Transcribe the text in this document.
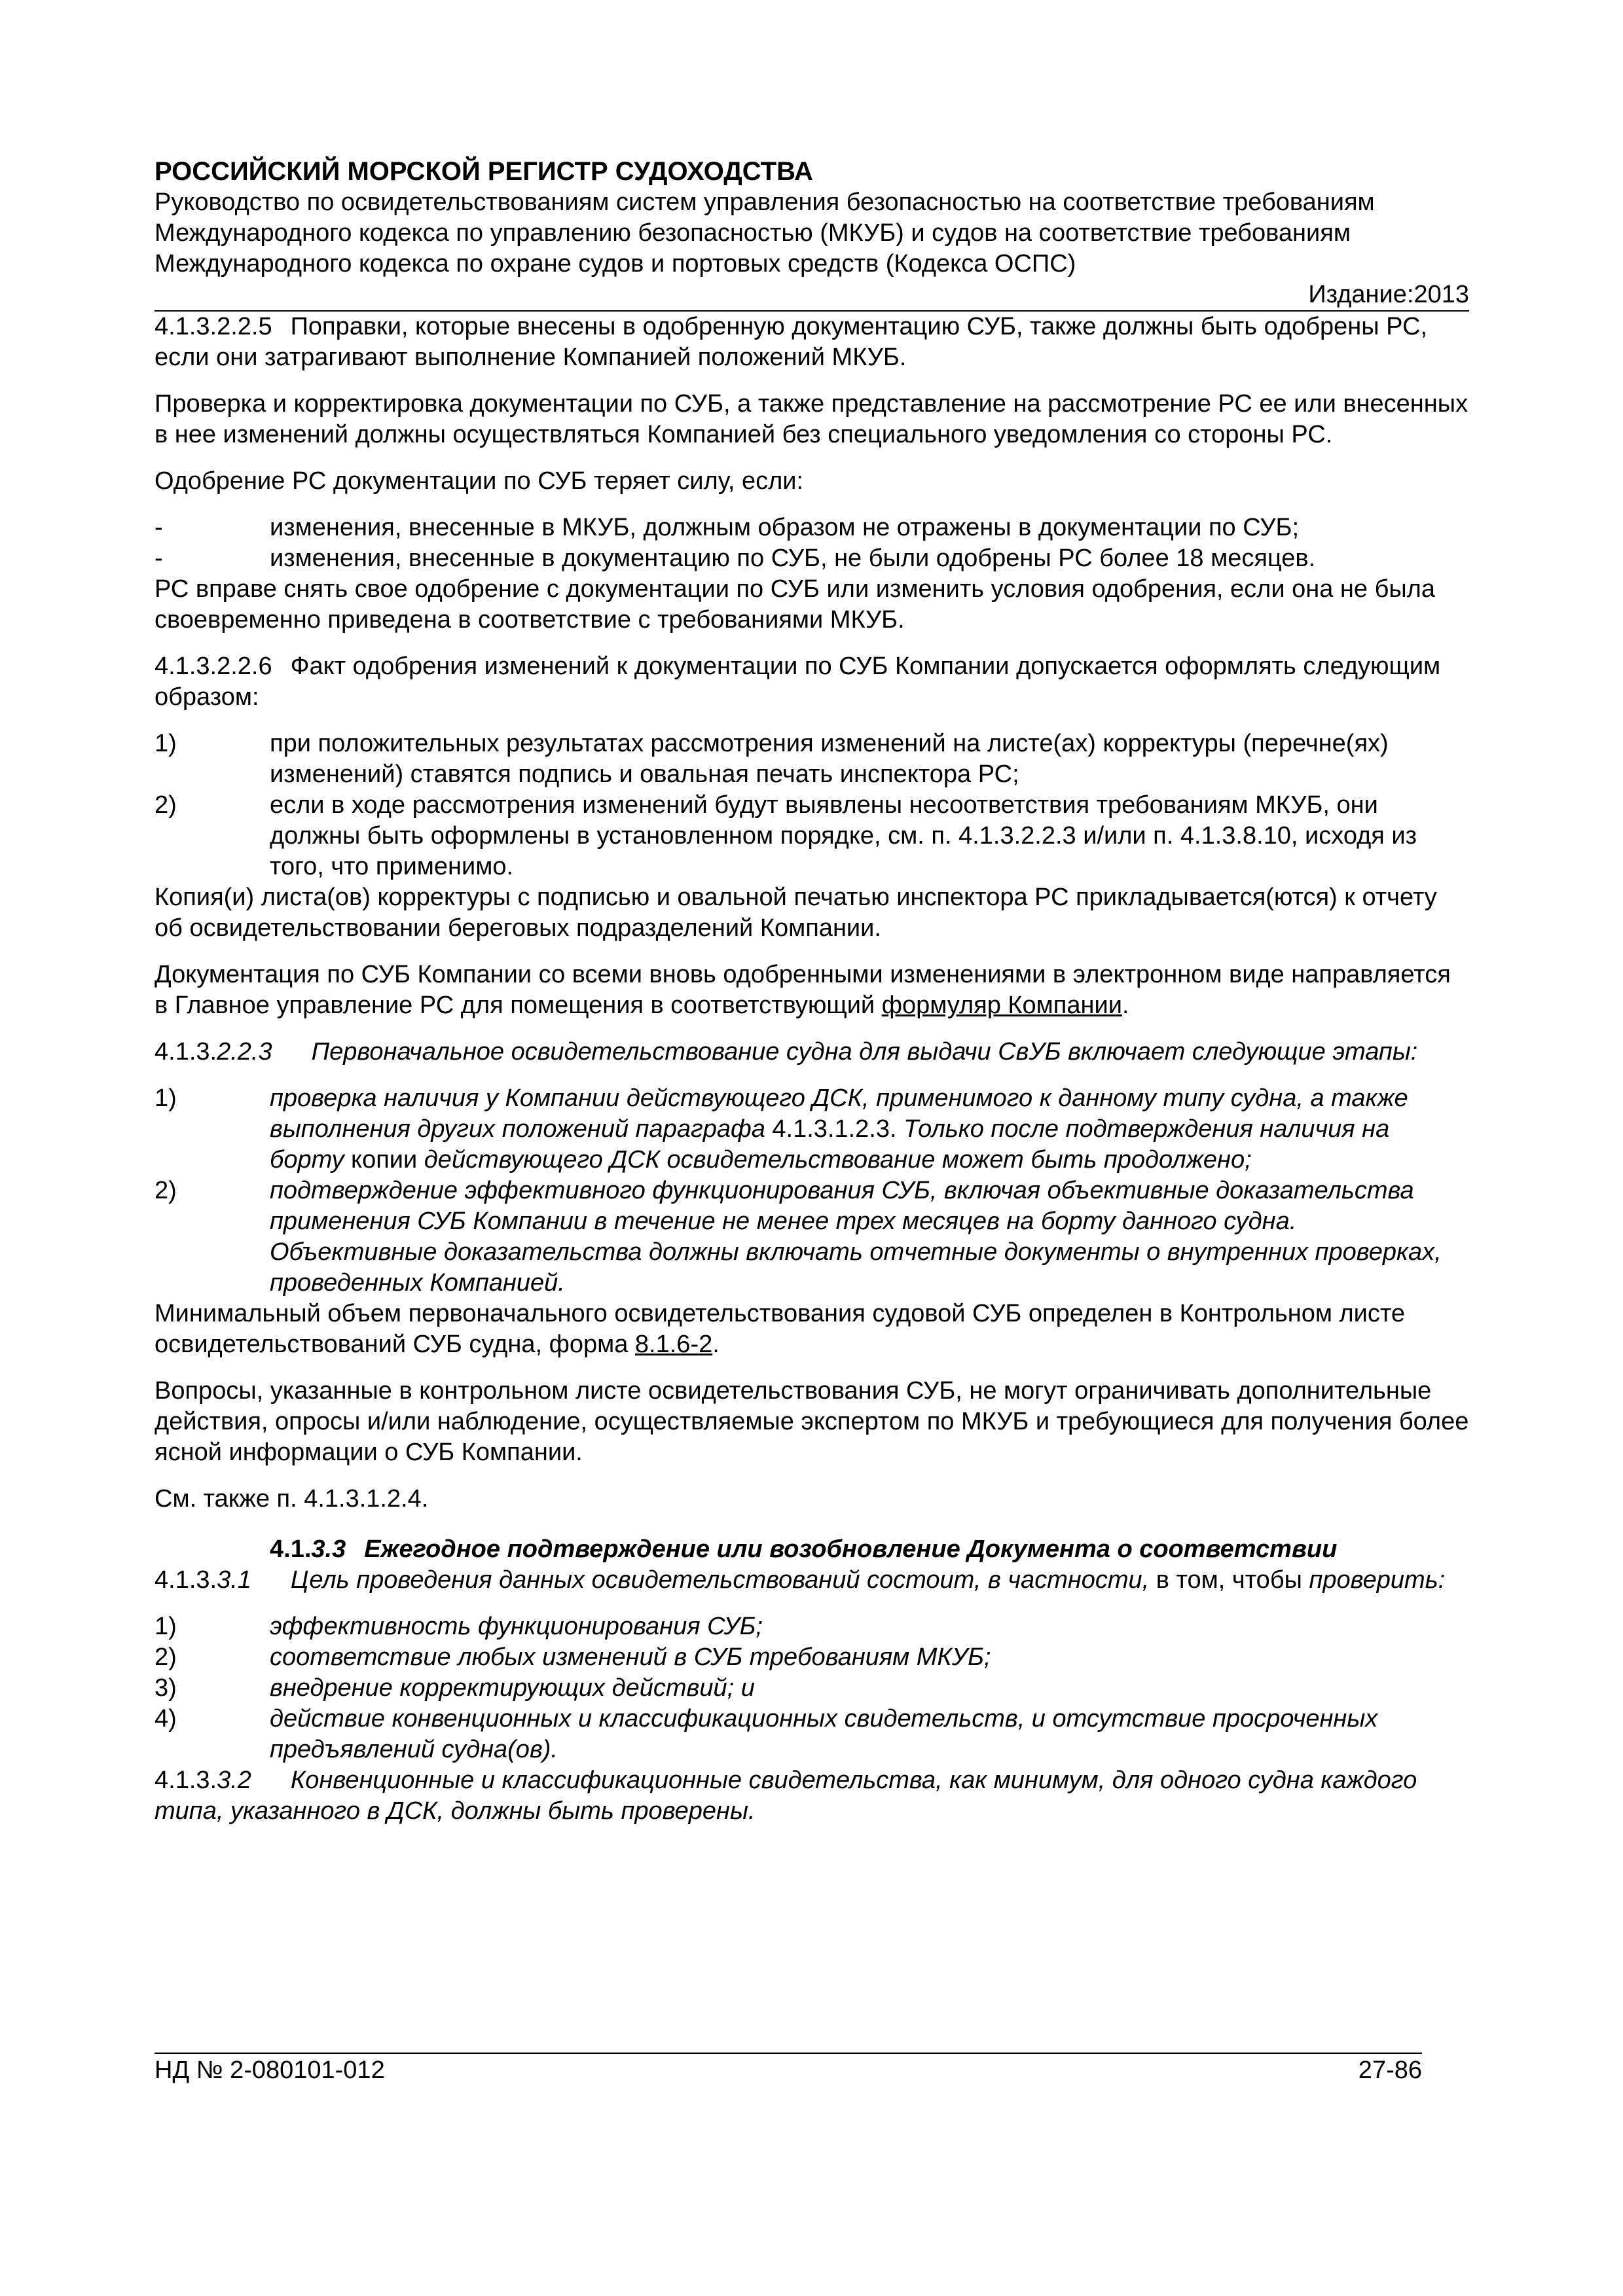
РОССИЙСКИЙ МОРСКОЙ РЕГИСТР СУДОХОДСТВА

Руководство по освидетельствованиям систем управления безопасностью на соответствие требованиям Международного кодекса по управлению безопасностью (МКУБ) и судов на соответствие требованиям Международного кодекса по охране судов и портовых средств (Кодекса ОСПС)

Издание:2013

4.1.3.2.2.5 Поправки, которые внесены в одобренную документацию СУБ, также должны быть одобрены РС, если они затрагивают выполнение Компанией положений МКУБ.

Проверка и корректировка документации по СУБ, а также представление на рассмотрение РС ее или внесенных в нее изменений должны осуществляться Компанией без специального уведомления со стороны РС.

Одобрение РС документации по СУБ теряет силу, если:

-	изменения, внесенные в МКУБ, должным образом не отражены в документации по СУБ;
-	изменения, внесенные в документацию по СУБ, не были одобрены РС более 18 месяцев.

РС вправе снять свое одобрение с документации по СУБ или изменить условия одобрения, если она не была своевременно приведена в соответствие с требованиями МКУБ.

4.1.3.2.2.6 Факт одобрения изменений к документации по СУБ Компании допускается оформлять следующим образом:

1)	при положительных результатах рассмотрения изменений на листе(ах) корректуры (перечне(ях) изменений) ставятся подпись и овальная печать инспектора РС;
2)	если в ходе рассмотрения изменений будут выявлены несоответствия требованиям МКУБ, они должны быть оформлены в установленном порядке, см. п. 4.1.3.2.2.3 и/или п. 4.1.3.8.10, исходя из того, что применимо.

Копия(и) листа(ов) корректуры с подписью и овальной печатью инспектора РС прикладывается(ются) к отчету об освидетельствовании береговых подразделений Компании.

Документация по СУБ Компании со всеми вновь одобренными изменениями в электронном виде направляется в Главное управление РС для помещения в соответствующий формуляр Компании.

4.1.3.2.2.3 Первоначальное освидетельствование судна для выдачи СвУБ включает следующие этапы:

1)	проверка наличия у Компании действующего ДСК, применимого к данному типу судна, а также выполнения других положений параграфа 4.1.3.1.2.3. Только после подтверждения наличия на борту копии действующего ДСК освидетельствование может быть продолжено;
2)	подтверждение эффективного функционирования СУБ, включая объективные доказательства применения СУБ Компании в течение не менее трех месяцев на борту данного судна. Объективные доказательства должны включать отчетные документы о внутренних проверках, проведенных Компанией.

Минимальный объем первоначального освидетельствования судовой СУБ определен в Контрольном листе освидетельствований СУБ судна, форма 8.1.6-2.

Вопросы, указанные в контрольном листе освидетельствования СУБ, не могут ограничивать дополнительные действия, опросы и/или наблюдение, осуществляемые экспертом по МКУБ и требующиеся для получения более ясной информации о СУБ Компании.

См. также п. 4.1.3.1.2.4.

4.1.3.3 Ежегодное подтверждение или возобновление Документа о соответствии

4.1.3.3.1 Цель проведения данных освидетельствований состоит, в частности, в том, чтобы проверить:

1)	эффективность функционирования СУБ;
2)	соответствие любых изменений в СУБ требованиям МКУБ;
3)	внедрение корректирующих действий; и
4)	действие конвенционных и классификационных свидетельств, и отсутствие просроченных предъявлений судна(ов).

4.1.3.3.2 Конвенционные и классификационные свидетельства, как минимум, для одного судна каждого типа, указанного в ДСК, должны быть проверены.

НД № 2-080101-012	27-86
